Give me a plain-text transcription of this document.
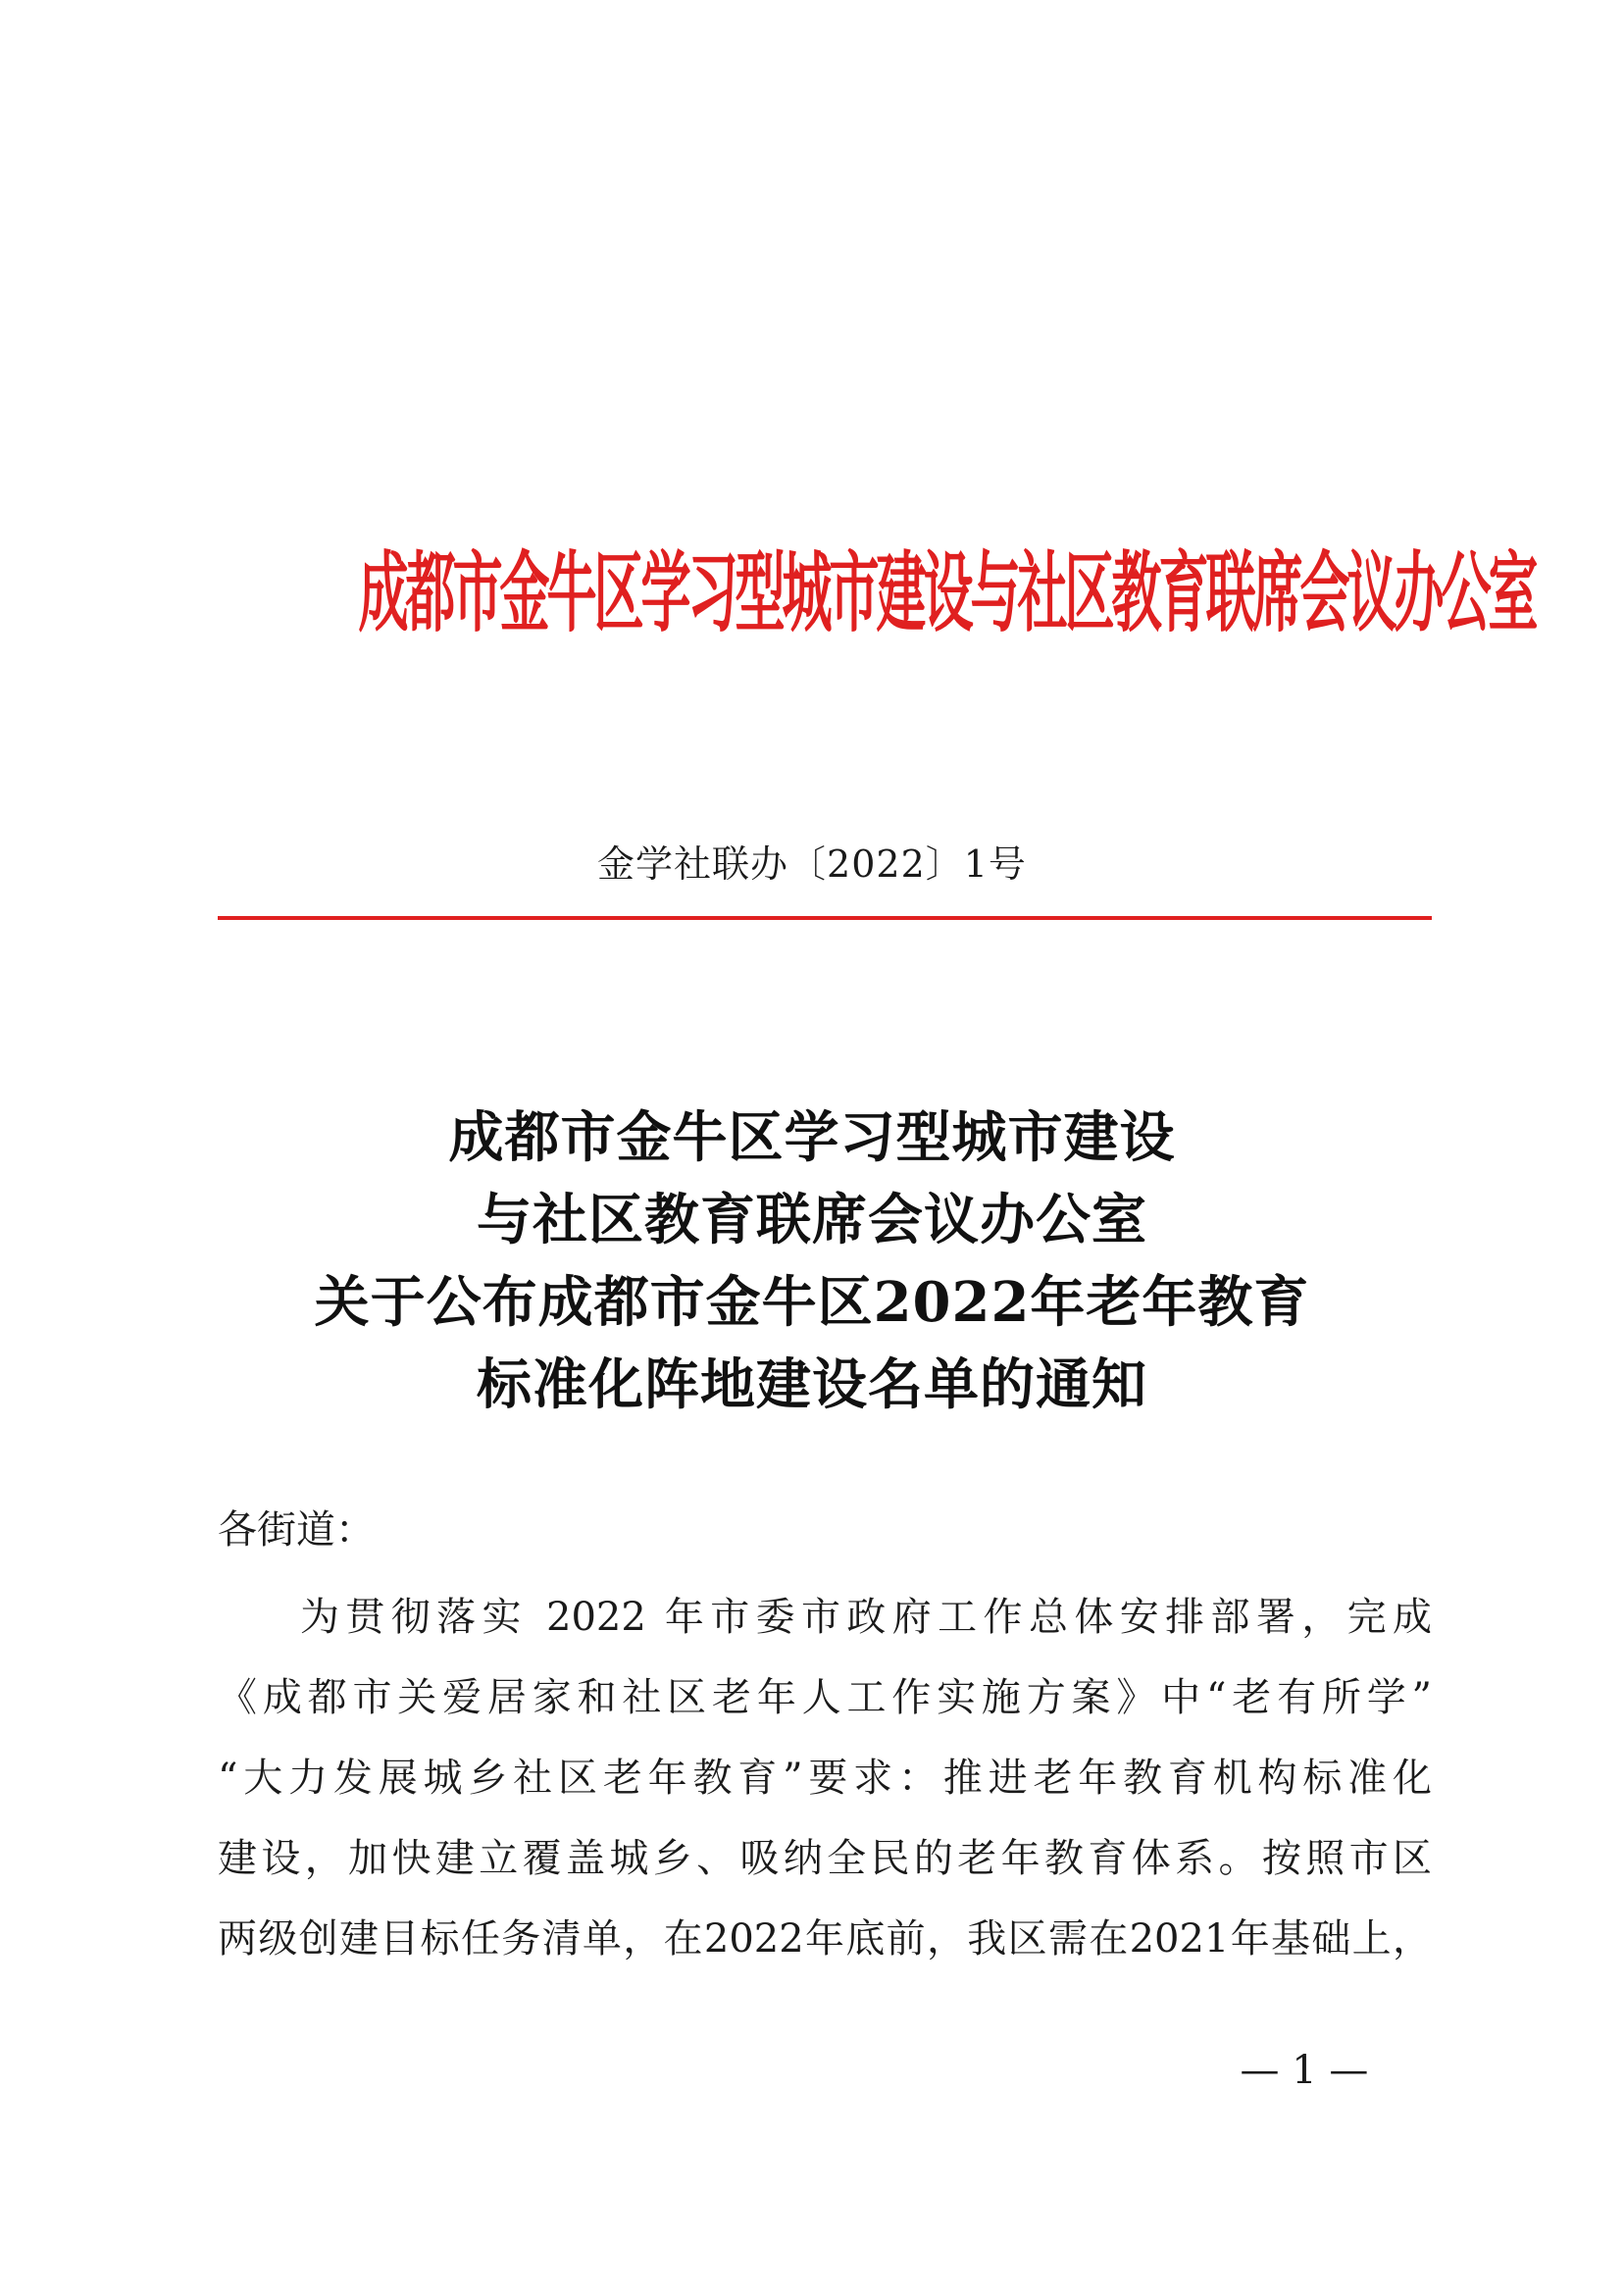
成都市金牛区学习型城市建设与社区教育联席会议办公室
金学社联办〔2022〕1号
成都市金牛区学习型城市建设
与社区教育联席会议办公室
关于公布成都市金牛区2022年老年教育
标准化阵地建设名单的通知
各街道：
为贯彻落实 2022 年市委市政府工作总体安排部署，完成
《成都市关爱居家和社区老年人工作实施方案》中“老有所学”
“大力发展城乡社区老年教育”要求：推进老年教育机构标准化
建设，加快建立覆盖城乡、吸纳全民的老年教育体系。按照市区
两级创建目标任务清单，在2022年底前，我区需在2021年基础上，
— 1 —
